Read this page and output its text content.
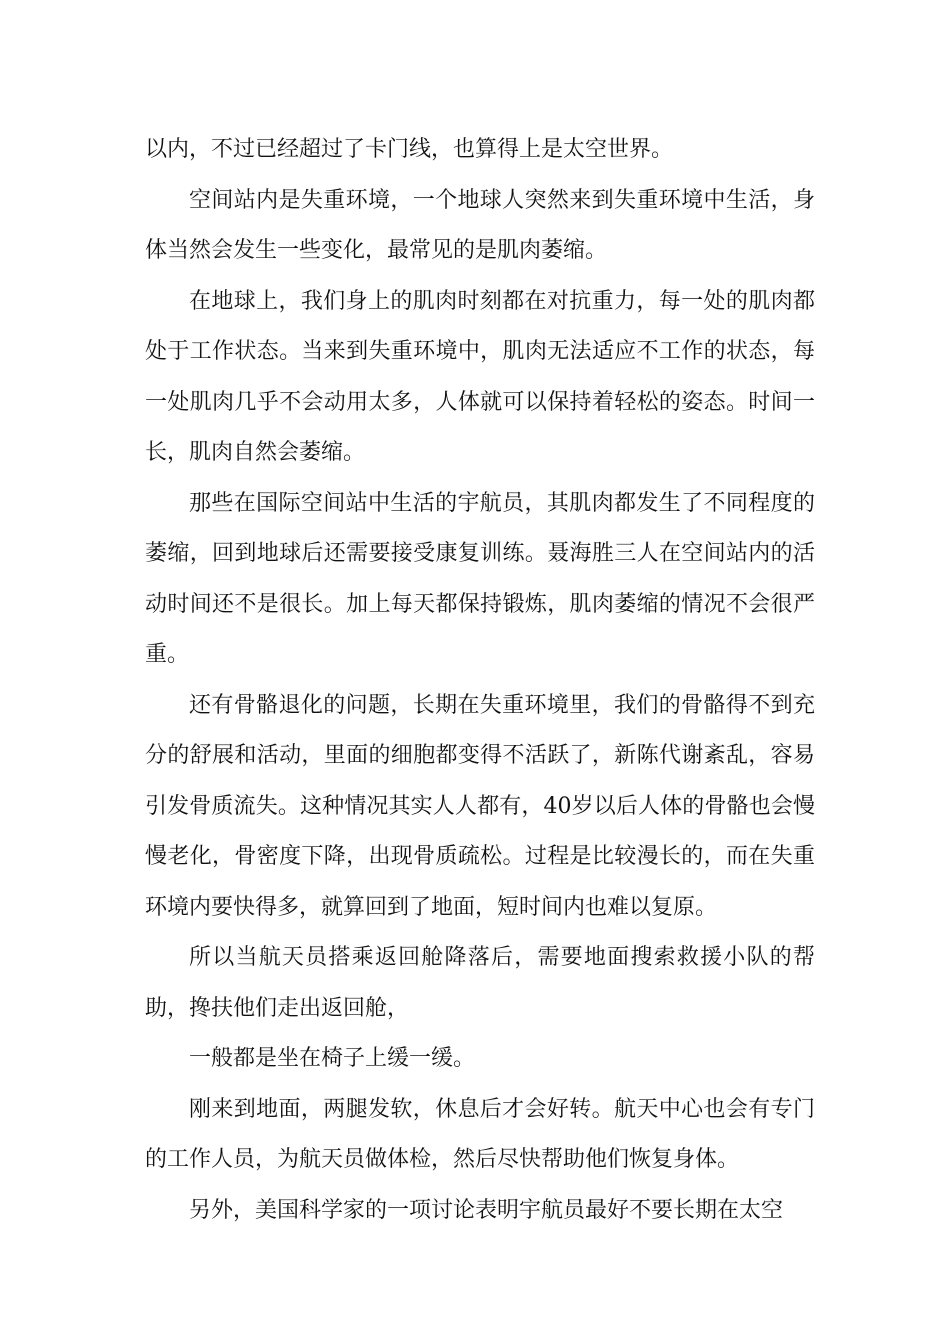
以内，不过已经超过了卡门线，也算得上是太空世界。

空间站内是失重环境，一个地球人突然来到失重环境中生活，身体当然会发生一些变化，最常见的是肌肉萎缩。

在地球上，我们身上的肌肉时刻都在对抗重力，每一处的肌肉都处于工作状态。当来到失重环境中，肌肉无法适应不工作的状态，每一处肌肉几乎不会动用太多，人体就可以保持着轻松的姿态。时间一长，肌肉自然会萎缩。

那些在国际空间站中生活的宇航员，其肌肉都发生了不同程度的萎缩，回到地球后还需要接受康复训练。聂海胜三人在空间站内的活动时间还不是很长。加上每天都保持锻炼，肌肉萎缩的情况不会很严重。

还有骨骼退化的问题，长期在失重环境里，我们的骨骼得不到充分的舒展和活动，里面的细胞都变得不活跃了，新陈代谢紊乱，容易引发骨质流失。这种情况其实人人都有，40岁以后人体的骨骼也会慢慢老化，骨密度下降，出现骨质疏松。过程是比较漫长的，而在失重环境内要快得多，就算回到了地面，短时间内也难以复原。

所以当航天员搭乘返回舱降落后，需要地面搜索救援小队的帮助，搀扶他们走出返回舱，

一般都是坐在椅子上缓一缓。

刚来到地面，两腿发软，休息后才会好转。航天中心也会有专门的工作人员，为航天员做体检，然后尽快帮助他们恢复身体。

另外，美国科学家的一项讨论表明宇航员最好不要长期在太空
